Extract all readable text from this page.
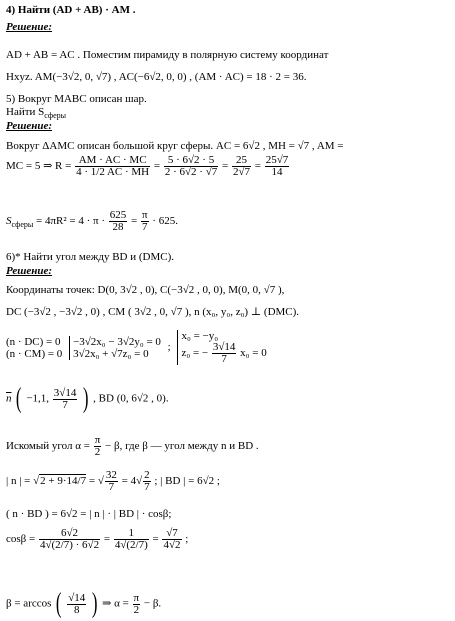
4) Найти (AD + AB) · AM .
Решение:
AD + AB = AC . Поместим пирамиду в полярную систему координат
Hxyz. AM(−3√2, 0, √7) , AC(−6√2, 0, 0) , (AM · AC) = 18 · 2 = 36.
5) Вокруг MABC описан шар.
Найти $S_{сферы}$
Решение:
Вокруг ΔAMC описан большой круг сферы. AC = 6√2 , MH = √7 , AM =
MC = 5 ⇒ $R = \frac{AM \cdot AC \cdot MC}{4 \cdot 1/2 AC \cdot MH} = \frac{5 \cdot 6√2 \cdot 5}{2 \cdot 6√2 \cdot √7} = \frac{25}{2√7} = \frac{25√7}{14}$
$S_{сферы} = 4\pi R^2 = 4 \cdot \pi \cdot \frac{625}{28} = \frac{\pi}{7} \cdot 625$.
6)* Найти угол между BD и (DMC).
Решение:
Координаты точек: D(0, 3√2 , 0), C(−3√2 , 0, 0), M(0, 0, √7 ),
DC (−3√2 , −3√2 , 0) , CM ( 3√2 , 0, √7 ), n (x₀, y₀, z₀) ⊥ (DMC).
(n · DC) = 0
(n · CM) = 0

−3√2x₀ − 3√2y₀ = 0
3√2x₀ + √7z₀ = 0
;
x₀ = −y₀
z₀ = − $\frac{3√14}{7} x_0 = 0$
$\overline{n}$ ( −1,1, $\frac{3√14}{7}$ ) , BD (0, 6√2 , 0).
Искомый угол $\alpha = \frac{\pi}{2} - \beta$, где β — угол между n и BD .
| n | = √2 + 9·14/7 = √ $\frac{32}{7} = 4√ \frac{2}{7}$ ; | BD | = 6√2 ;
( n · BD ) = 6√2 = | n | · | BD | · cosβ;
$\cos\beta = \frac{6√2}{4√(2/7) \cdot 6√2} = \frac{1}{4√(2/7)} = \frac{√7}{4√2}$ ;
β = arccos ( $\frac{√14}{8}$ ) ⇒ $\alpha = \frac{\pi}{2} - \beta$.
